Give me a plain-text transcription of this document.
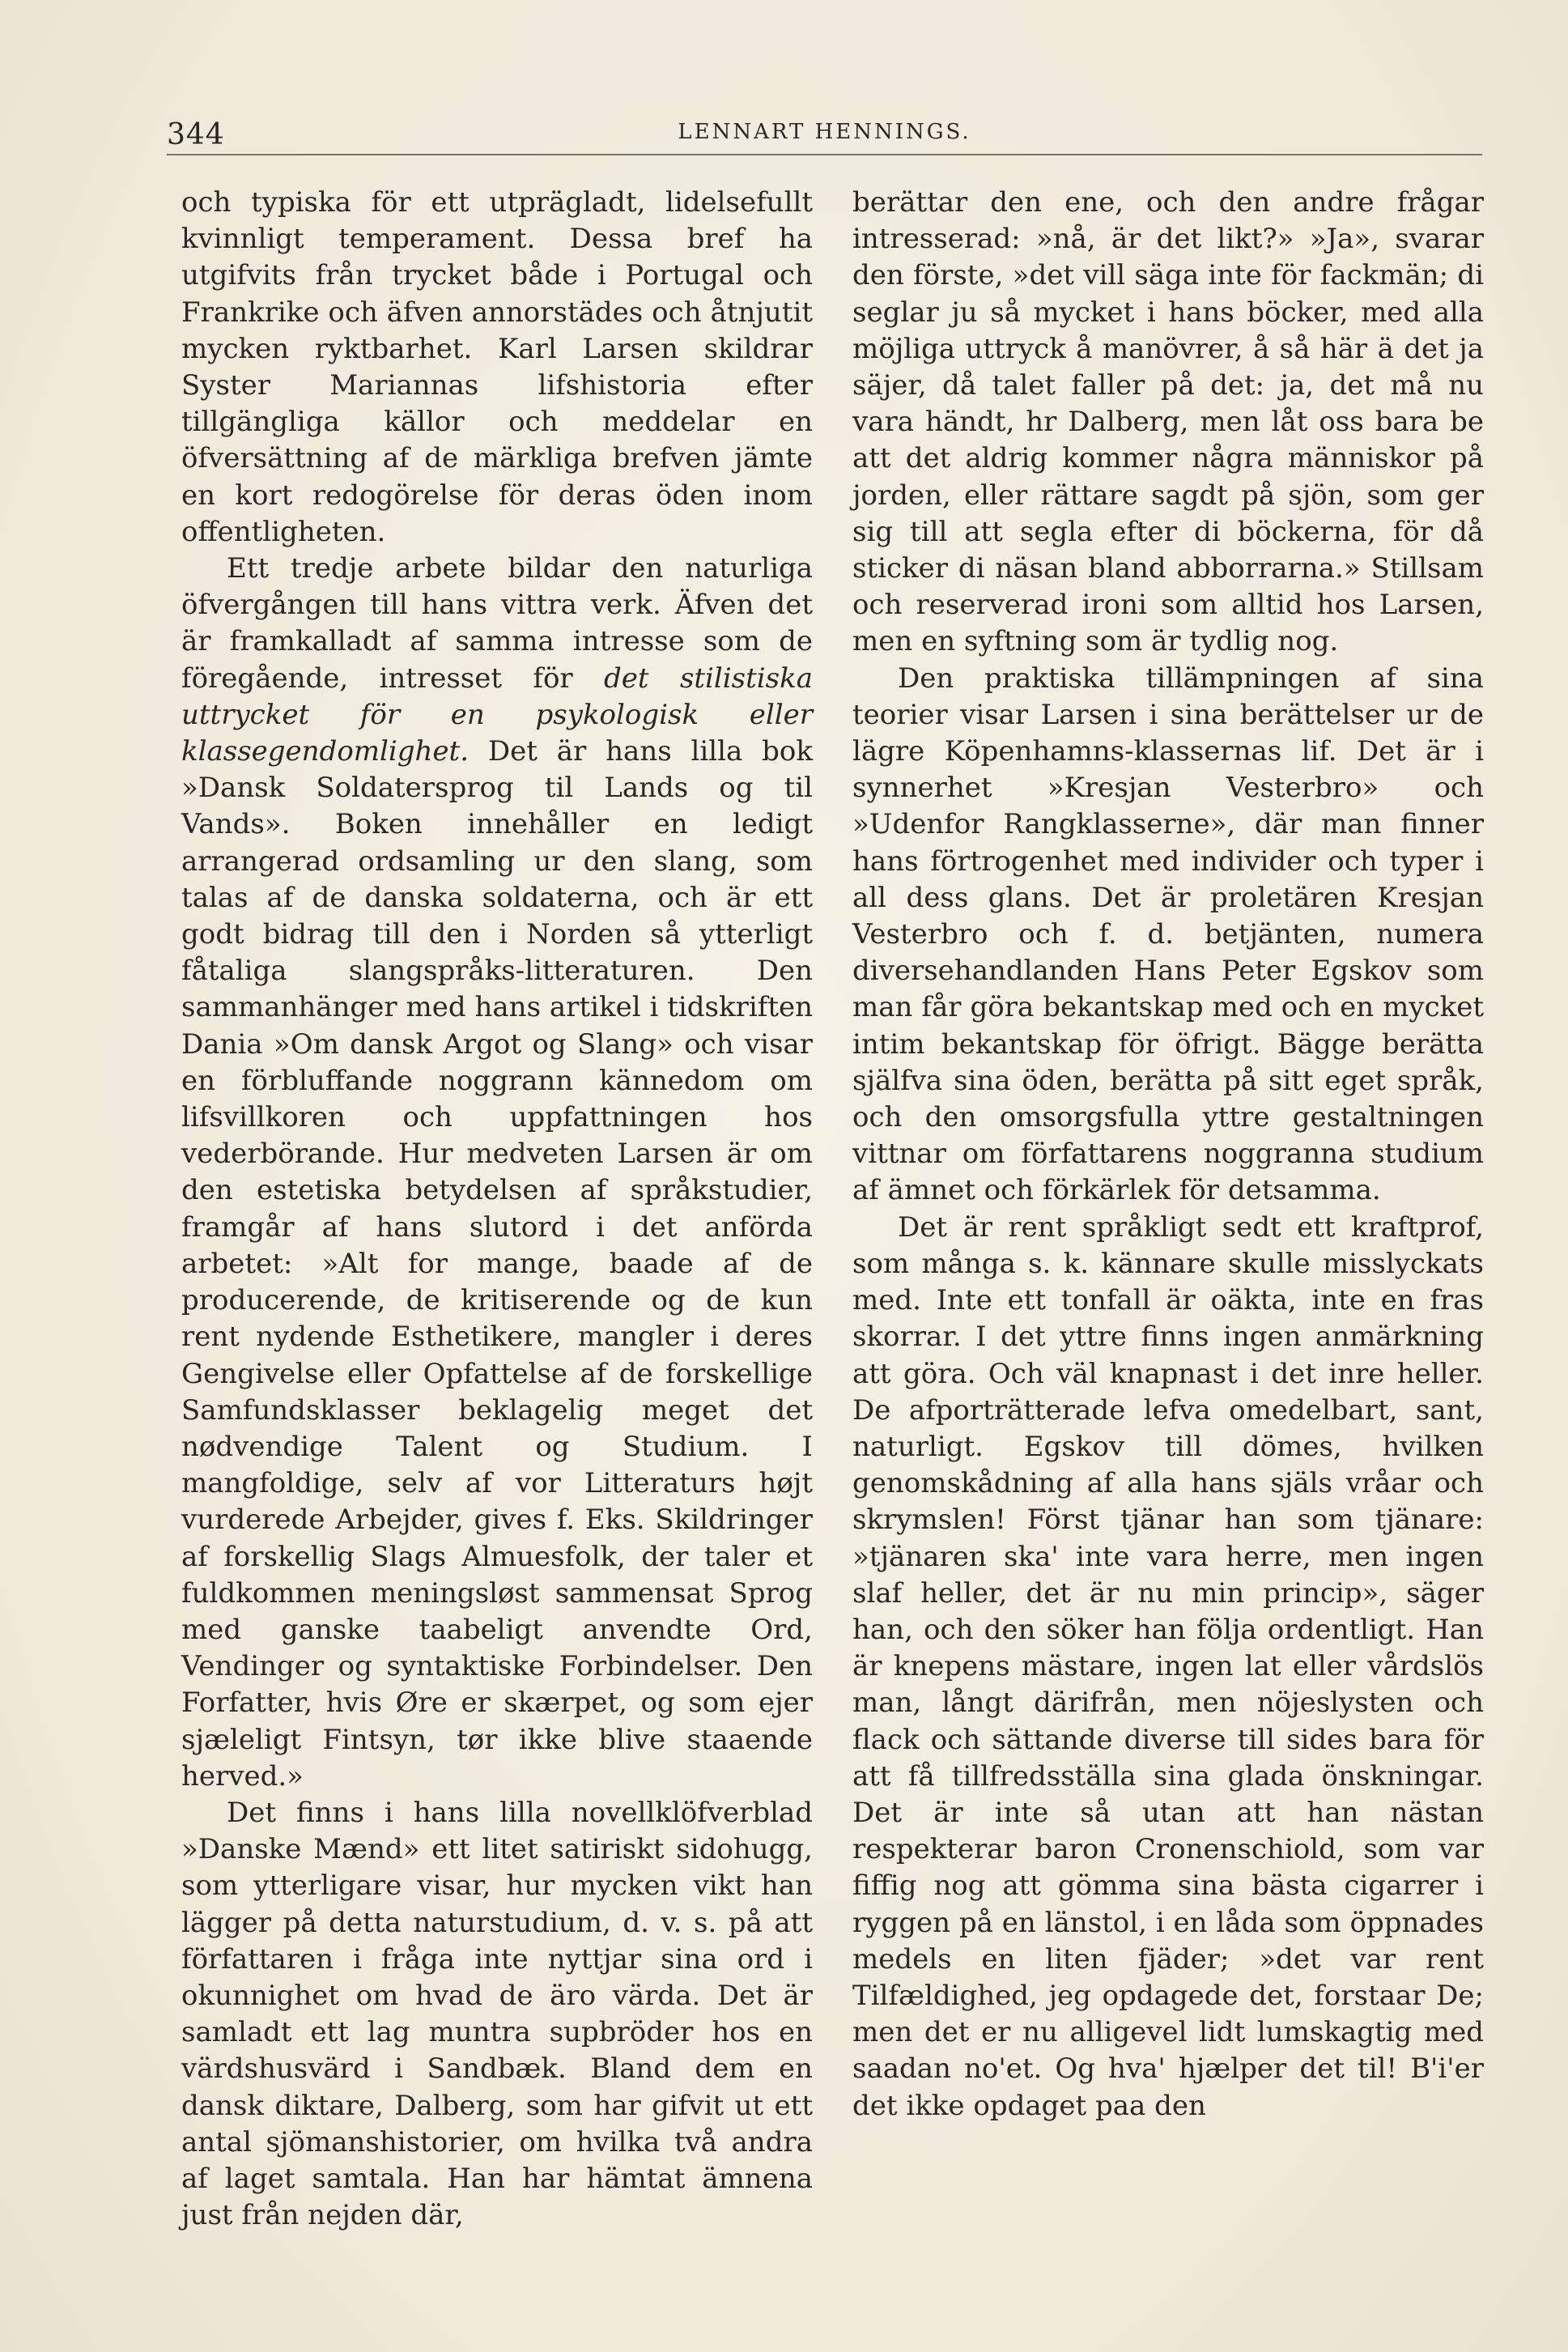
344	LENNART HENNINGS.

och typiska för ett utprägladt, lidelsefullt kvinnligt temperament. Dessa bref ha utgifvits från trycket både i Portugal och Frankrike och äfven annorstädes och åtnjutit mycken ryktbarhet. Karl Larsen skildrar Syster Mariannas lifshistoria efter tillgängliga källor och meddelar en öfversättning af de märkliga brefven jämte en kort redogörelse för deras öden inom offentligheten.

Ett tredje arbete bildar den naturliga öfvergången till hans vittra verk. Äfven det är framkalladt af samma intresse som de föregående, intresset för det stilistiska uttrycket för en psykologisk eller klassegendomlighet. Det är hans lilla bok »Dansk Soldatersprog til Lands og til Vands». Boken innehåller en ledigt arrangerad ordsamling ur den slang, som talas af de danska soldaterna, och är ett godt bidrag till den i Norden så ytterligt fåtaliga slangspråks-litteraturen. Den sammanhänger med hans artikel i tidskriften Dania »Om dansk Argot og Slang» och visar en förbluffande noggrann kännedom om lifsvillkoren och uppfattningen hos vederbörande. Hur medveten Larsen är om den estetiska betydelsen af språkstudier, framgår af hans slutord i det anförda arbetet: »Alt for mange, baade af de producerende, de kritiserende og de kun rent nydende Esthetikere, mangler i deres Gengivelse eller Opfattelse af de forskellige Samfundsklasser beklagelig meget det nødvendige Talent og Studium. I mangfoldige, selv af vor Litteraturs højt vurderede Arbejder, gives f. Eks. Skildringer af forskellig Slags Almuesfolk, der taler et fuldkommen meningsløst sammensat Sprog med ganske taabeligt anvendte Ord, Vendinger og syntaktiske Forbindelser. Den Forfatter, hvis Øre er skærpet, og som ejer sjæleligt Fintsyn, tør ikke blive staaende herved.»

Det finns i hans lilla novellklöfverblad »Danske Mænd» ett litet satiriskt sidohugg, som ytterligare visar, hur mycken vikt han lägger på detta naturstudium, d. v. s. på att författaren i fråga inte nyttjar sina ord i okunnighet om hvad de äro värda. Det är samladt ett lag muntra supbröder hos en värdshusvärd i Sandbæk. Bland dem en dansk diktare, Dalberg, som har gifvit ut ett antal sjömanshistorier, om hvilka två andra af laget samtala. Han har hämtat ämnena just från nejden där,

berättar den ene, och den andre frågar intresserad: »nå, är det likt?» »Ja», svarar den förste, »det vill säga inte för fackmän; di seglar ju så mycket i hans böcker, med alla möjliga uttryck å manövrer, å så här ä det ja säjer, då talet faller på det: ja, det må nu vara händt, hr Dalberg, men låt oss bara be att det aldrig kommer några människor på jorden, eller rättare sagdt på sjön, som ger sig till att segla efter di böckerna, för då sticker di näsan bland abborrarna.» Stillsam och reserverad ironi som alltid hos Larsen, men en syftning som är tydlig nog.

Den praktiska tillämpningen af sina teorier visar Larsen i sina berättelser ur de lägre Köpenhamns-klassernas lif. Det är i synnerhet »Kresjan Vesterbro» och »Udenfor Rangklasserne», där man finner hans förtrogenhet med individer och typer i all dess glans. Det är proletären Kresjan Vesterbro och f. d. betjänten, numera diversehandlanden Hans Peter Egskov som man får göra bekantskap med och en mycket intim bekantskap för öfrigt. Bägge berätta själfva sina öden, berätta på sitt eget språk, och den omsorgsfulla yttre gestaltningen vittnar om författarens noggranna studium af ämnet och förkärlek för detsamma.

Det är rent språkligt sedt ett kraftprof, som många s. k. kännare skulle misslyckats med. Inte ett tonfall är oäkta, inte en fras skorrar. I det yttre finns ingen anmärkning att göra. Och väl knapnast i det inre heller. De afporträtterade lefva omedelbart, sant, naturligt. Egskov till dömes, hvilken genomskådning af alla hans själs vråar och skrymslen! Först tjänar han som tjänare: »tjänaren ska' inte vara herre, men ingen slaf heller, det är nu min princip», säger han, och den söker han följa ordentligt. Han är knepens mästare, ingen lat eller vårdslös man, långt därifrån, men nöjeslysten och flack och sättande diverse till sides bara för att få tillfredsställa sina glada önskningar. Det är inte så utan att han nästan respekterar baron Cronenschiold, som var fiffig nog att gömma sina bästa cigarrer i ryggen på en länstol, i en låda som öppnades medels en liten fjäder; »det var rent Tilfældighed, jeg opdagede det, forstaar De; men det er nu alligevel lidt lumskagtig med saadan no'et. Og hva' hjælper det til! B'i'er det ikke opdaget paa den
